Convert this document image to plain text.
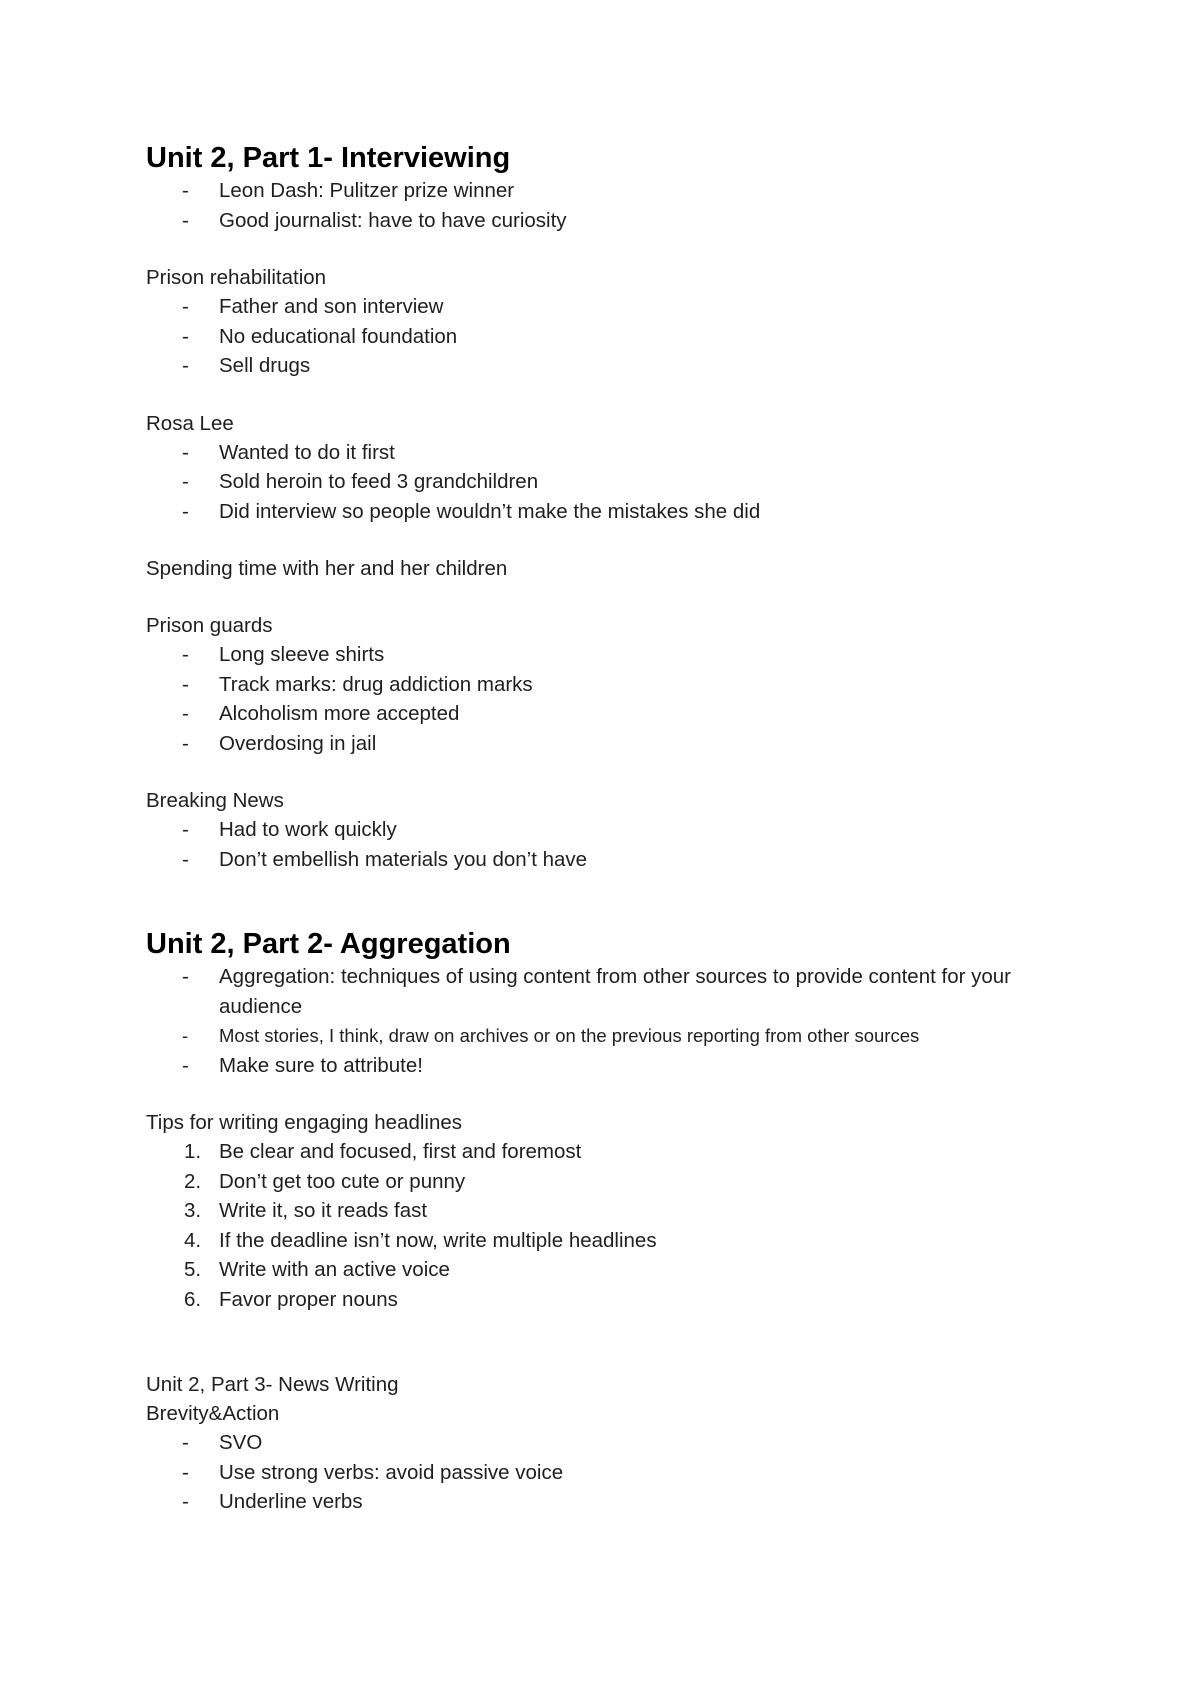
Unit 2, Part 1- Interviewing
- Leon Dash: Pulitzer prize winner
- Good journalist: have to have curiosity

Prison rehabilitation

- Father and son interview
- No educational foundation
- Sell drugs

Rosa Lee

- Wanted to do it first
- Sold heroin to feed 3 grandchildren
- Did interview so people wouldn’t make the mistakes she did

Spending time with her and her children

Prison guards

- Long sleeve shirts
- Track marks: drug addiction marks
- Alcoholism more accepted
- Overdosing in jail

Breaking News

- Had to work quickly
- Don’t embellish materials you don’t have
Unit 2, Part 2- Aggregation
- Aggregation: techniques of using content from other sources to provide content for your audience
- Most stories, I think, draw on archives or on the previous reporting from other sources
- Make sure to attribute!

Tips for writing engaging headlines

1. Be clear and focused, first and foremost
2. Don’t get too cute or punny
3. Write it, so it reads fast
4. If the deadline isn’t now, write multiple headlines
5. Write with an active voice
6. Favor proper nouns

Unit 2, Part 3- News Writing

Brevity&Action

- SVO
- Use strong verbs: avoid passive voice
- Underline verbs
